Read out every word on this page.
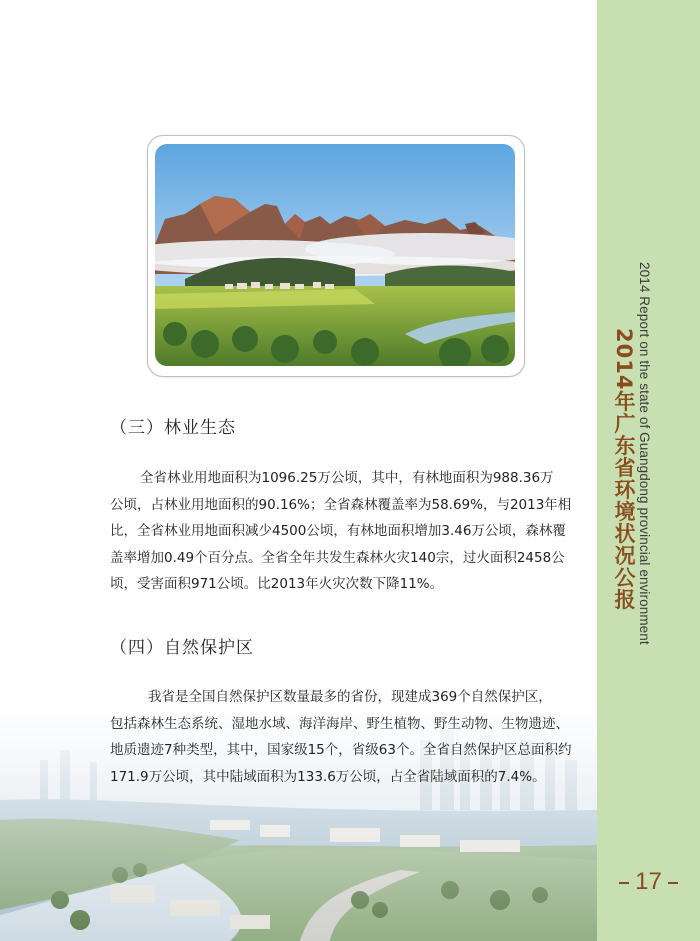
（三）林业生态
全省林业用地面积为1096.25万公顷，其中，有林地面积为988.36万
公顷，占林业用地面积的90.16%；全省森林覆盖率为58.69%，与2013年相
比，全省林业用地面积减少4500公顷，有林地面积增加3.46万公顷，森林覆
盖率增加0.49个百分点。全省全年共发生森林火灾140宗，过火面积2458公
顷，受害面积971公顷。比2013年火灾次数下降11%。
（四）自然保护区
我省是全国自然保护区数量最多的省份，现建成369个自然保护区，
包括森林生态系统、湿地水域、海洋海岸、野生植物、野生动物、生物遗迹、
地质遗迹7种类型，其中，国家级15个，省级63个。全省自然保护区总面积约
171.9万公顷，其中陆域面积为133.6万公顷，占全省陆域面积的7.4%。
2014 Report on the state of Guangdong provincial environment
2014年广东省环境状况公报
17
